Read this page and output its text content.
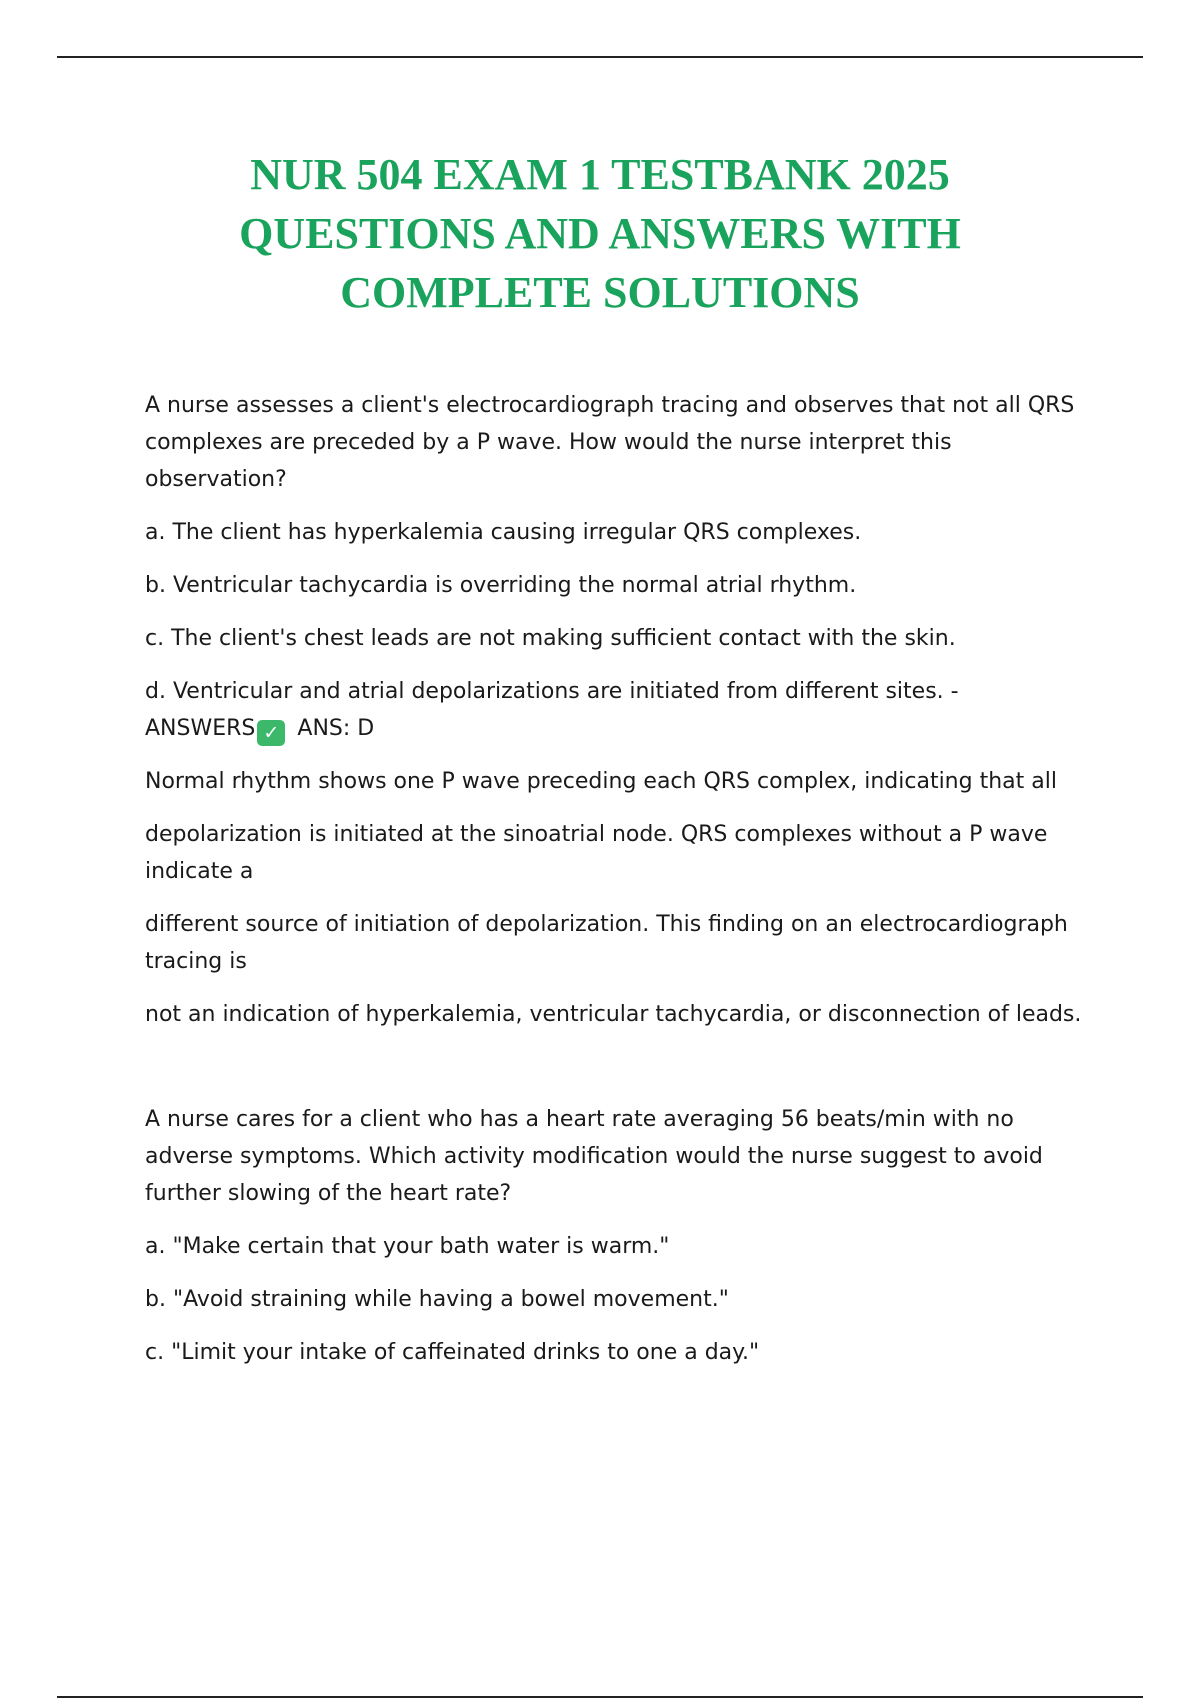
NUR 504 EXAM 1 TESTBANK 2025
QUESTIONS AND ANSWERS WITH
COMPLETE SOLUTIONS

A nurse assesses a client's electrocardiograph tracing and observes that not all QRS complexes are preceded by a P wave. How would the nurse interpret this observation?

a. The client has hyperkalemia causing irregular QRS complexes.

b. Ventricular tachycardia is overriding the normal atrial rhythm.

c. The client's chest leads are not making sufficient contact with the skin.

d. Ventricular and atrial depolarizations are initiated from different sites. -
ANSWERS ✓ ANS: D

Normal rhythm shows one P wave preceding each QRS complex, indicating that all

depolarization is initiated at the sinoatrial node. QRS complexes without a P wave indicate a

different source of initiation of depolarization. This finding on an electrocardiograph tracing is

not an indication of hyperkalemia, ventricular tachycardia, or disconnection of leads.

A nurse cares for a client who has a heart rate averaging 56 beats/min with no adverse symptoms. Which activity modification would the nurse suggest to avoid further slowing of the heart rate?

a. "Make certain that your bath water is warm."

b. "Avoid straining while having a bowel movement."

c. "Limit your intake of caffeinated drinks to one a day."
